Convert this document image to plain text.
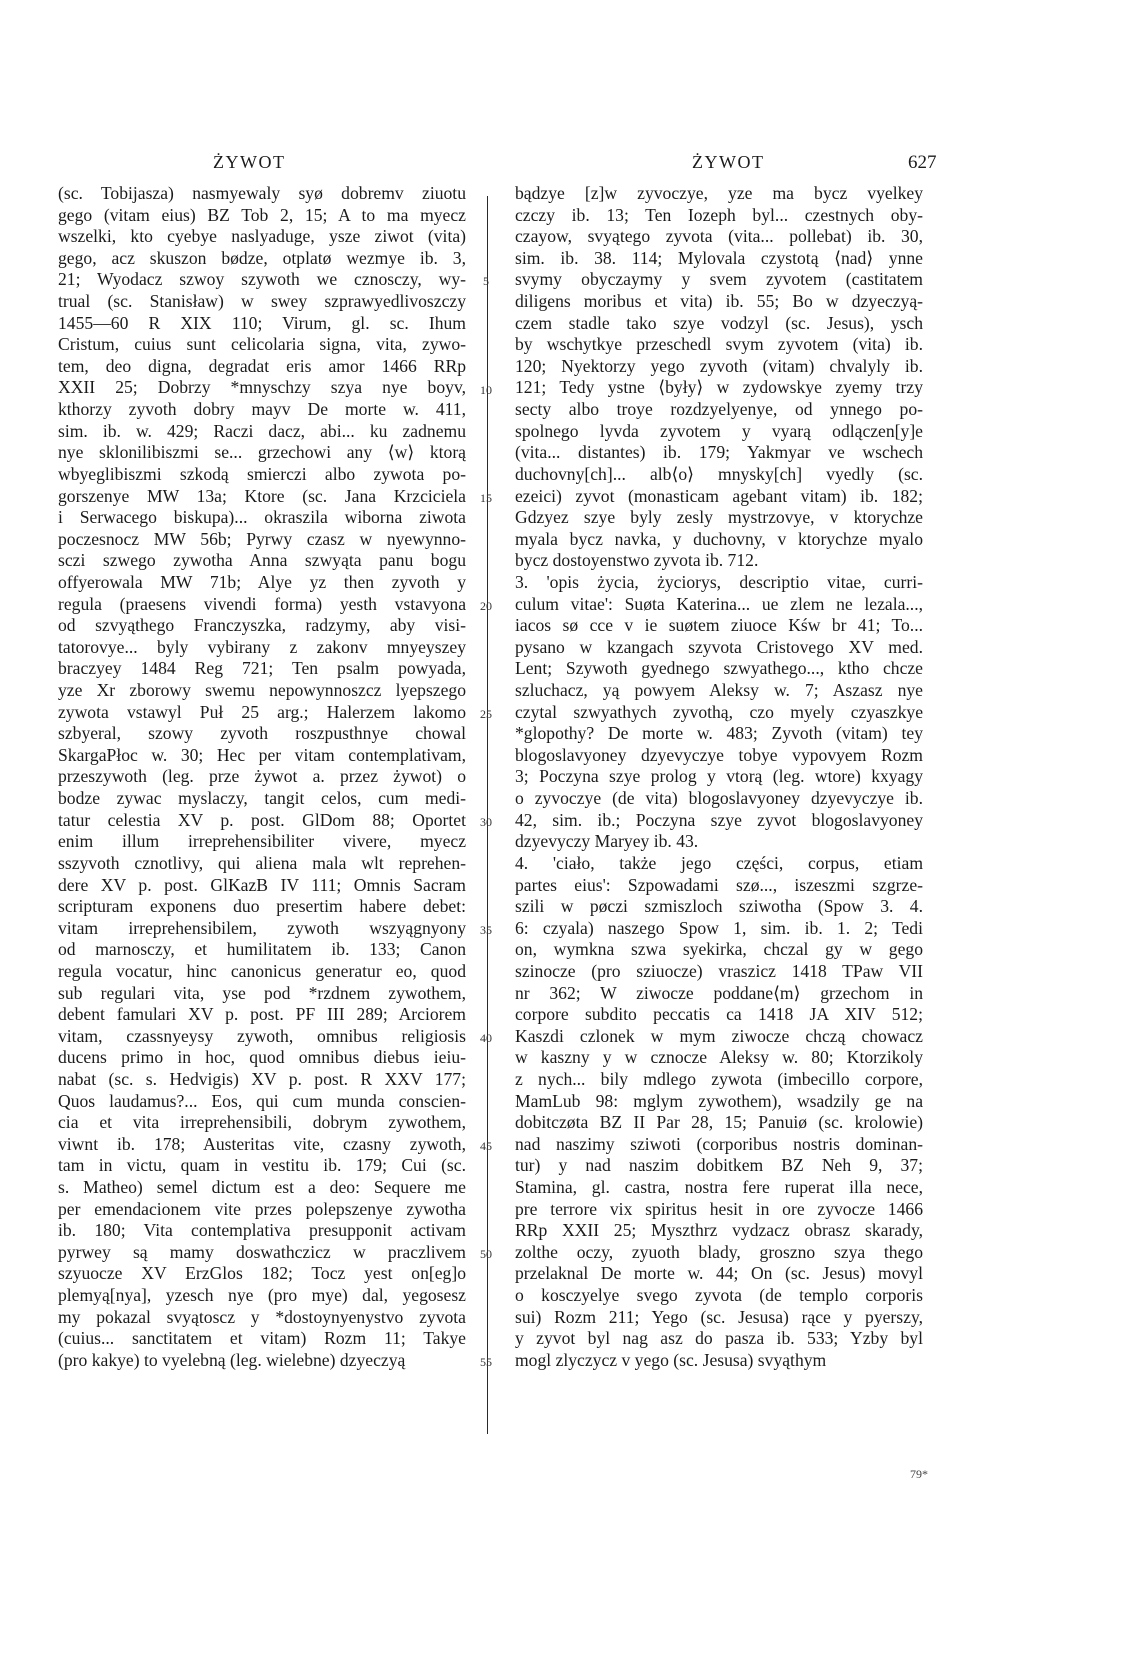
ŻYWOT	ŻYWOT	627
(sc. Tobijasza) nasmyewaly syø dobremv ziuotu
gego (vitam eius) BZ Tob 2, 15; A to ma myecz
wszelki, kto cyebye naslyaduge, ysze ziwot (vita)
gego, acz skuszon bødze, otplatø wezmye ib. 3,
21; Wyodacz szwoy szywoth we cznosczy, wy-
trual (sc. Stanisław) w swey szprawyedlivoszczy
1455—60 R XIX 110; Virum, gl. sc. Ihum
Cristum, cuius sunt celicolaria signa, vita, zywo-
tem, deo digna, degradat eris amor 1466 RRp
XXII 25; Dobrzy *mnyschzy szya nye boyv,
kthorzy zyvoth dobry mayv De morte w. 411,
sim. ib. w. 429; Raczi dacz, abi... ku zadnemu
nye sklonilibiszmi se... grzechowi any ⟨w⟩ ktorą
wbyeglibiszmi szkodą smierczi albo zywota po-
gorszenye MW 13a; Ktore (sc. Jana Krzciciela
i Serwacego biskupa)... okraszila wiborna ziwota
poczesnocz MW 56b; Pyrwy czasz w nyewynno-
sczi szwego zywotha Anna szwyąta panu bogu
offyerowala MW 71b; Alye yz then zyvoth y
regula (praesens vivendi forma) yesth vstavyona
od szvyąthego Franczyszka, radzymy, aby visi-
tatorovye... byly vybirany z zakonv mnyeyszey
braczyey 1484 Reg 721; Ten psalm powyada,
yze Xr zborowy swemu nepowynnoszcz lyepszego
zywota vstawyl Puł 25 arg.; Halerzem lakomo
szbyeral, szowy zyvoth roszpusthnye chowal
SkargaPłoc w. 30; Hec per vitam contemplativam,
przeszywoth (leg. prze żywot a. przez żywot) o
bodze zywac myslaczy, tangit celos, cum medi-
tatur celestia XV p. post. GlDom 88; Oportet
enim illum irreprehensibiliter vivere, myecz
sszyvoth cznotlivy, qui aliena mala wlt reprehen-
dere XV p. post. GlKazB IV 111; Omnis Sacram
scripturam exponens duo presertim habere debet:
vitam irreprehensibilem, zywoth wszyągnyony
od marnosczy, et humilitatem ib. 133; Canon
regula vocatur, hinc canonicus generatur eo, quod
sub regulari vita, yse pod *rzdnem zywothem,
debent famulari XV p. post. PF III 289; Arciorem
vitam, czassnyeysy zywoth, omnibus religiosis
ducens primo in hoc, quod omnibus diebus ieiu-
nabat (sc. s. Hedvigis) XV p. post. R XXV 177;
Quos laudamus?... Eos, qui cum munda conscien-
cia et vita irreprehensibili, dobrym zywothem,
viwnt ib. 178; Austeritas vite, czasny zywoth,
tam in victu, quam in vestitu ib. 179; Cui (sc.
s. Matheo) semel dictum est a deo: Sequere me
per emendacionem vite przes polepszenye zywotha
ib. 180; Vita contemplativa presupponit activam
pyrwey są mamy doswathczicz w praczlivem
szyuocze XV ErzGlos 182; Tocz yest on[eg]o
plemyą[nya], yzesch nye (pro mye) dal, yegosesz
my pokazal svyątoscz y *dostoynyenystvo zyvota
(cuius... sanctitatem et vitam) Rozm 11; Takye
(pro kakye) to vyelebną (leg. wielebne) dzyeczyą
5
10
15
20
25
30
35
40
45
50
55
bądzye [z]w zyvoczye, yze ma bycz vyelkey
czczy ib. 13; Ten Iozeph byl... czestnych oby-
czayow, svyątego zyvota (vita... pollebat) ib. 30,
sim. ib. 38. 114; Mylovala czystotą ⟨nad⟩ ynne
svymy obyczaymy y svem zyvotem (castitatem
diligens moribus et vita) ib. 55; Bo w dzyeczyą-
czem stadle tako szye vodzyl (sc. Jesus), ysch
by wschytkye przeschedl svym zyvotem (vita) ib.
120; Nyektorzy yego zyvoth (vitam) chvalyly ib.
121; Tedy ystne ⟨były⟩ w zydowskye zyemy trzy
secty albo troye rozdzyelyenye, od ynnego po-
spolnego lyvda zyvotem y vyarą odlączen[y]e
(vita... distantes) ib. 179; Yakmyar ve wschech
duchovny[ch]... alb⟨o⟩ mnysky[ch] vyedly (sc.
ezeici) zyvot (monasticam agebant vitam) ib. 182;
Gdzyez szye byly zesly mystrzovye, v ktorychze
myala bycz navka, y duchovny, v ktorychze myalo
bycz dostoyenstwo zyvota ib. 712.
3. 'opis życia, życiorys, descriptio vitae, curri-
culum vitae': Suøta Katerina... ue zlem ne lezala...,
iacos sø cce v ie suøtem ziuoce Kśw br 41; To...
pysano w kzangach szyvota Cristovego XV med.
Lent; Szywoth gyednego szwyathego..., ktho chcze
szluchacz, yą powyem Aleksy w. 7; Aszasz nye
czytal szwyathych zyvothą, czo myely czyaszkye
*glopothy? De morte w. 483; Zyvoth (vitam) tey
blogoslavyoney dzyevyczye tobye vypovyem Rozm
3; Poczyna szye prolog y vtorą (leg. wtore) kxyagy
o zyvoczye (de vita) blogoslavyoney dzyevyczye ib.
42, sim. ib.; Poczyna szye zyvot blogoslavyoney
dzyevyczy Maryey ib. 43.
4. 'ciało, także jego części, corpus, etiam
partes eius': Szpowadami szø..., iszeszmi szgrze-
szili w pøczi szmiszloch sziwotha (Spow 3. 4.
6: czyala) naszego Spow 1, sim. ib. 1. 2; Tedi
on, wymkna szwa syekirka, chczal gy w gego
szinocze (pro sziuocze) vraszicz 1418 TPaw VII
nr 362; W ziwocze poddane⟨m⟩ grzechom in
corpore subdito peccatis ca 1418 JA XIV 512;
Kaszdi czlonek w mym ziwocze chczą chowacz
w kaszny y w cznocze Aleksy w. 80; Ktorzikoly
z nych... bily mdlego zywota (imbecillo corpore,
MamLub 98: mglym zywothem), wsadzily ge na
dobitczøta BZ II Par 28, 15; Panuiø (sc. krolowie)
nad naszimy sziwoti (corporibus nostris dominan-
tur) y nad naszim dobitkem BZ Neh 9, 37;
Stamina, gl. castra, nostra fere ruperat illa nece,
pre terrore vix spiritus hesit in ore zyvocze 1466
RRp XXII 25; Myszthrz vydzacz obrasz skarady,
zolthe oczy, zyuoth blady, groszno szya thego
przelaknal De morte w. 44; On (sc. Jesus) movyl
o kosczyelye svego zyvota (de templo corporis
sui) Rozm 211; Yego (sc. Jesusa) rące y pyerszy,
y zyvot byl nag asz do pasza ib. 533; Yzby byl
mogl zlyczycz v yego (sc. Jesusa) svyąthym
79*
